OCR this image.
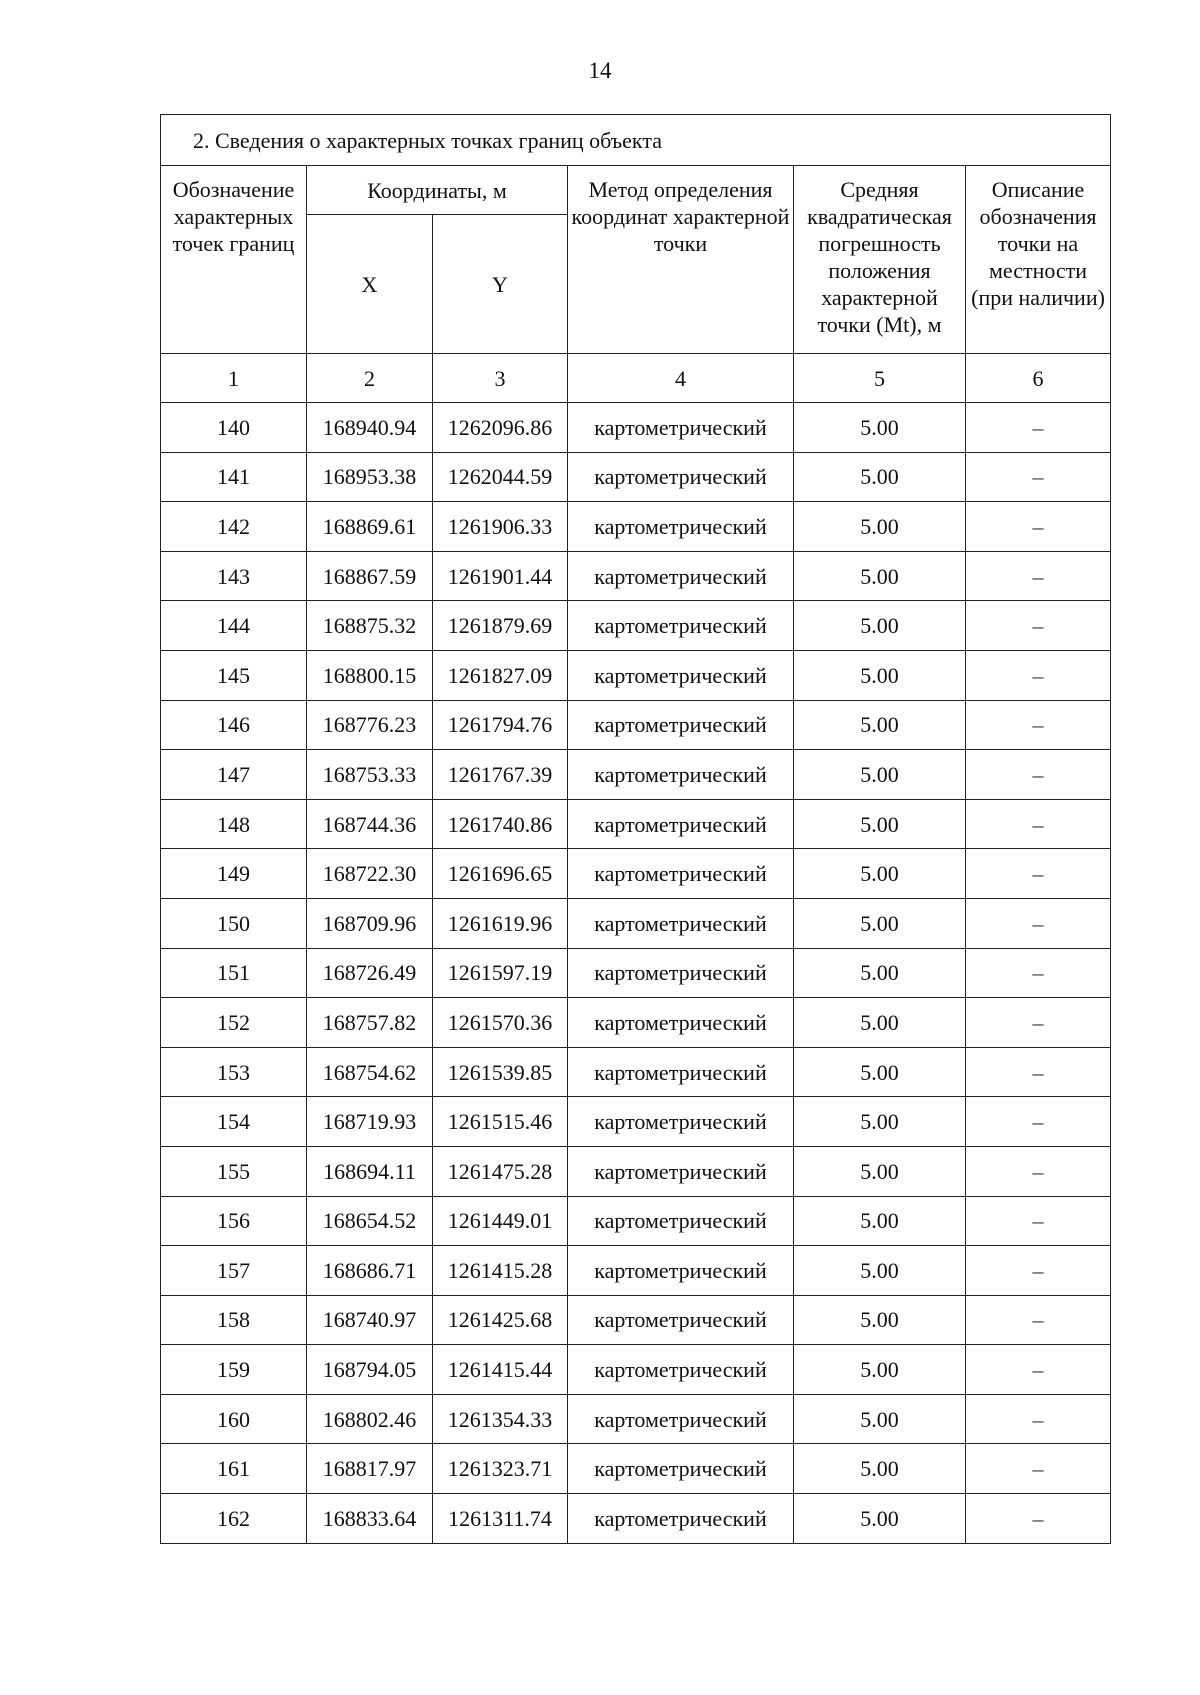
14
2. Сведения о характерных точках границ объекта					
Обозначение характерных точек границ	Координаты, м		Метод определения координат характерной точки	Средняя квадратическая погрешность положения характерной точки (Mt), м	Описание обозначения точки на местности (при наличии)
	X	Y			
1	2	3	4	5	6
140	168940.94	1262096.86	картометрический	5.00	–
141	168953.38	1262044.59	картометрический	5.00	–
142	168869.61	1261906.33	картометрический	5.00	–
143	168867.59	1261901.44	картометрический	5.00	–
144	168875.32	1261879.69	картометрический	5.00	–
145	168800.15	1261827.09	картометрический	5.00	–
146	168776.23	1261794.76	картометрический	5.00	–
147	168753.33	1261767.39	картометрический	5.00	–
148	168744.36	1261740.86	картометрический	5.00	–
149	168722.30	1261696.65	картометрический	5.00	–
150	168709.96	1261619.96	картометрический	5.00	–
151	168726.49	1261597.19	картометрический	5.00	–
152	168757.82	1261570.36	картометрический	5.00	–
153	168754.62	1261539.85	картометрический	5.00	–
154	168719.93	1261515.46	картометрический	5.00	–
155	168694.11	1261475.28	картометрический	5.00	–
156	168654.52	1261449.01	картометрический	5.00	–
157	168686.71	1261415.28	картометрический	5.00	–
158	168740.97	1261425.68	картометрический	5.00	–
159	168794.05	1261415.44	картометрический	5.00	–
160	168802.46	1261354.33	картометрический	5.00	–
161	168817.97	1261323.71	картометрический	5.00	–
162	168833.64	1261311.74	картометрический	5.00	–
